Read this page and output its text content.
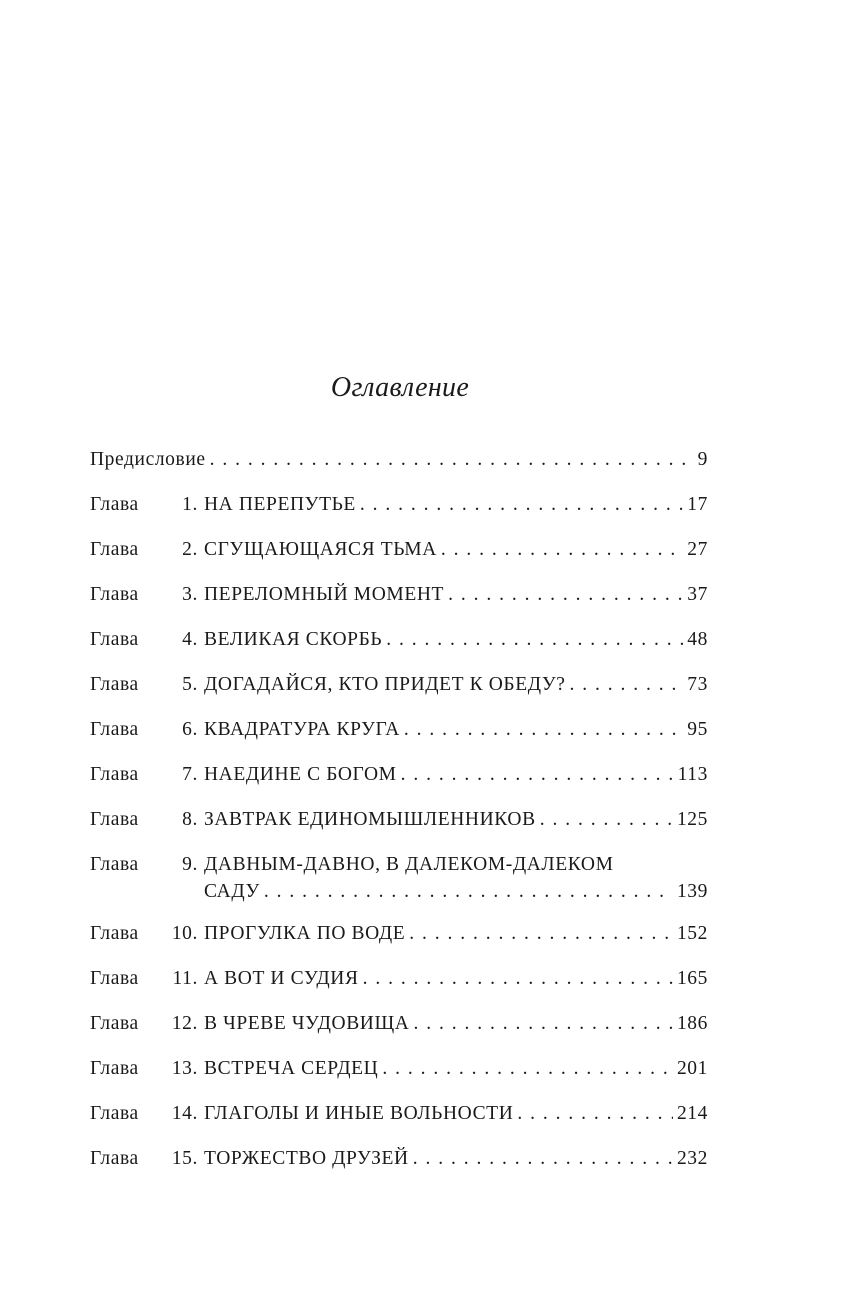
Оглавление
Предисловие . . .	9
Глава 1. НА ПЕРЕПУТЬЕ . . .	17
Глава 2. СГУЩАЮЩАЯСЯ ТЬМА . . .	27
Глава 3. ПЕРЕЛОМНЫЙ МОМЕНТ . . .	37
Глава 4. ВЕЛИКАЯ СКОРБЬ . . .	48
Глава 5. ДОГАДАЙСЯ, КТО ПРИДЕТ К ОБЕДУ? . . .	73
Глава 6. КВАДРАТУРА КРУГА . . .	95
Глава 7. НАЕДИНЕ С БОГОМ . . .	113
Глава 8. ЗАВТРАК ЕДИНОМЫШЛЕННИКОВ . . .	125
Глава 9. ДАВНЫМ-ДАВНО, В ДАЛЕКОМ-ДАЛЕКОМ
САДУ . . .	139
Глава 10. ПРОГУЛКА ПО ВОДЕ . . .	152
Глава 11. А ВОТ И СУДИЯ . . .	165
Глава 12. В ЧРЕВЕ ЧУДОВИЩА . . .	186
Глава 13. ВСТРЕЧА СЕРДЕЦ . . .	201
Глава 14. ГЛАГОЛЫ И ИНЫЕ ВОЛЬНОСТИ . . .	214
Глава 15. ТОРЖЕСТВО ДРУЗЕЙ . . .	232
